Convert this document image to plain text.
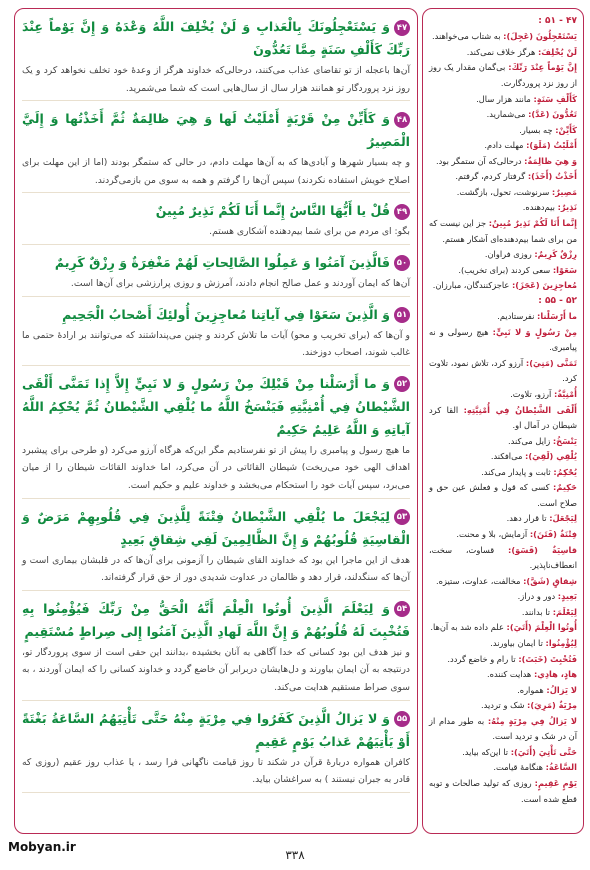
۴۷وَ يَسْتَعْجِلُونَكَ بِالْعَذابِ وَ لَنْ يُخْلِفَ اللَّهُ وَعْدَهُ وَ إِنَّ يَوْماً عِنْدَ رَبِّكَ كَأَلْفِ سَنَةٍ مِمَّا تَعُدُّونَ
آن‌ها باعجله از تو تقاضای عذاب می‌کنند، درحالی‌که خداوند هرگز از وعدهٔ خود تخلف نخواهد کرد و یک روز نزد پروردگار تو همانند هزار سال از سال‌هایی است که شما می‌شمرید.
۴۸وَ كَأَيِّنْ مِنْ قَرْيَةٍ أَمْلَيْتُ لَها وَ هِيَ ظالِمَةٌ ثُمَّ أَخَذْتُها وَ إِلَيَّ الْمَصِيرُ
و چه بسیار شهرها و آبادی‌ها که به آن‌ها مهلت دادم، در حالی که ستمگر بودند (اما از این مهلت برای اصلاح خویش استفاده نکردند) سپس آن‌ها را گرفتم و همه به سوی من بازمی‌گردند.
۴۹قُلْ يا أَيُّهَا النَّاسُ إِنَّما أَنَا لَكُمْ نَذِيرٌ مُبِينٌ
بگو: ای مردم من برای شما بیم‌دهنده آشکاری هستم.
۵۰فَالَّذِينَ آمَنُوا وَ عَمِلُوا الصَّالِحاتِ لَهُمْ مَغْفِرَةٌ وَ رِزْقٌ كَرِيمٌ
آن‌ها که ایمان آوردند و عمل صالح انجام دادند، آمرزش و روزی پرارزشی برای آن‌ها است.
۵۱وَ الَّذِينَ سَعَوْا فِي آياتِنا مُعاجِزِينَ أُولئِكَ أَصْحابُ الْجَحِيمِ
و آن‌ها که (برای تخریب و محو) آیات ما تلاش کردند و چنین می‌پنداشتند که می‌توانند بر ارادهٔ حتمی ما غالب شوند، اصحاب دوزخند.
۵۲وَ ما أَرْسَلْنا مِنْ قَبْلِكَ مِنْ رَسُولٍ وَ لا نَبِيٍّ إِلاَّ إِذا تَمَنَّى أَلْقَى الشَّيْطانُ فِي أُمْنِيَّتِهِ فَيَنْسَخُ اللَّهُ ما يُلْقِي الشَّيْطانُ ثُمَّ يُحْكِمُ اللَّهُ آياتِهِ وَ اللَّهُ عَلِيمٌ حَكِيمٌ
ما هیچ رسول و پیامبری را پیش از تو نفرستادیم مگر این‌که هرگاه آرزو می‌کرد (و طرحی برای پیشبرد اهداف الهی خود می‌ریخت) شیطان القائاتی در آن می‌کرد، اما خداوند القائات شیطان را از میان می‌برد، سپس آیات خود را استحکام می‌بخشد و خداوند علیم و حکیم است.
۵۳لِيَجْعَلَ ما يُلْقِي الشَّيْطانُ فِتْنَةً لِلَّذِينَ فِي قُلُوبِهِمْ مَرَضٌ وَ الْقاسِيَةِ قُلُوبُهُمْ وَ إِنَّ الظَّالِمِينَ لَفِي شِقاقٍ بَعِيدٍ
هدف از این ماجرا این بود که خداوند القای شیطان را آزمونی برای آن‌ها که در قلبشان بیماری است و آن‌ها که سنگدلند، قرار دهد و ظالمان در عداوت شدیدی دور از حق قرار گرفته‌اند.
۵۴وَ لِيَعْلَمَ الَّذِينَ أُوتُوا الْعِلْمَ أَنَّهُ الْحَقُّ مِنْ رَبِّكَ فَيُؤْمِنُوا بِهِ فَتُخْبِتَ لَهُ قُلُوبُهُمْ وَ إِنَّ اللَّهَ لَهادِ الَّذِينَ آمَنُوا إِلى صِراطٍ مُسْتَقِيمٍ
و نیز هدف این بود کسانی که خدا آگاهی به آنان بخشیده ،بدانند این حقی است از سوی پروردگار تو، درنتیجه به آن ایمان بیاورند و دل‌هایشان دربرابر آن خاضع گردد و خداوند کسانی را که ایمان آوردند ، به سوی صراط مستقیم هدایت می‌کند.
۵۵وَ لا يَزالُ الَّذِينَ كَفَرُوا فِي مِرْيَةٍ مِنْهُ حَتَّى تَأْتِيَهُمُ السَّاعَةُ بَغْتَةً أَوْ يَأْتِيَهُمْ عَذابُ يَوْمٍ عَقِيمٍ
کافران همواره دربارهٔ قرآن در شکند تا روز قیامت ناگهانی فرا رسد ، یا عذاب روز عقیم (روزی که قادر به جبران نیستند ) به سراغشان بیاید.
۴۷ - ۵۱ :
يَسْتَعْجِلُونَ (عَجِلَ): به شتاب می‌خواهند.
لَنْ يُخْلِفَ: هرگز خلاف نمی‌کند.
إِنَّ يَوْماً عِنْدَ رَبِّكَ: بی‌گمان مقدار یک روز از روز نزد پروردگارت.
كَأَلْفِ سَنَةٍ: مانند هزار سال.
تَعُدُّونَ (عَدَّ): می‌شمارید.
كَأَيِّنْ: چه بسیار.
أَمْلَيْتُ (مَلَوَ): مهلت دادم.
وَ هِيَ ظالِمَةٌ: درحالی‌که آن ستمگر بود.
أَخَذْتُ (أَخَذَ): گرفتار کردم، گرفتم.
مَصِيرٌ: سرنوشت، تحول، بازگشت.
نَذِيرٌ: بیم‌دهنده.
إِنَّما أَنَا لَكُمْ نَذِيرٌ مُبِينٌ: جز این نیست که من برای شما بیم‌دهنده‌ای آشکار هستم.
رِزْقٌ كَرِيمٌ: روزی فراوان.
سَعَوْا: سعی کردند (برای تخریب).
مُعاجِزِينَ (عَجَزَ): عاجزکنندگان، مبارزان.
۵۲ - ۵۵ :
ما أَرْسَلْنا: نفرستادیم.
مِنْ رَسُولٍ وَ لا نَبِيٍّ: هیچ رسولی و نه پیامبری.
تَمَنَّى (مَنِيَ): آرزو کرد، تلاش نمود، تلاوت کرد.
أُمْنِيَّةٌ: آرزو، تلاوت.
أَلْقَى الشَّيْطانُ فِي أُمْنِيَّتِهِ: القا کرد شیطان در آمال او.
يَنْسَخُ: زایل می‌کند.
يُلْقِي (لَقِيَ): می‌افکند.
يُحْكِمُ: ثابت و پایدار می‌کند.
حَكِيمٌ: کسی که قول و فعلش عین حق و صلاح است.
لِيَجْعَلَ: تا قرار دهد.
فِتْنَةٌ (فَتَنَ): آزمایش، بلا و محنت.
قاسِيَةٌ (قَسَوَ): قساوت، سخت، انعطاف‌ناپذیر.
شِقاقٍ (شَقَّ): مخالفت، عداوت، ستیزه.
بَعِيدٍ: دور و دراز.
لِيَعْلَمَ: تا بدانند.
أُوتُوا الْعِلْمَ (أَتَيَ): علم داده شد به آن‌ها.
لِيُؤْمِنُوا: تا ایمان بیاورند.
فَتُخْبِتَ (خَبَتَ): تا رام و خاضع گردد.
هادٍ، هادِي: هدایت کننده.
لا يَزالُ: همواره.
مِرْيَةٌ (مَرِيَ): شک و تردید.
لا يَزالُ فِي مِرْيَةٍ مِنْهُ: به طور مدام از آن در شک و تردید است.
حَتَّى تَأْتِيَ (أَتَيَ): تا این‌که بیاید.
السَّاعَةُ: هنگامهٔ قیامت.
يَوْمٍ عَقِيمٍ: روزی که تولید صالحات و توبه قطع شده است.
Mobyan.ir
۳۳۸
